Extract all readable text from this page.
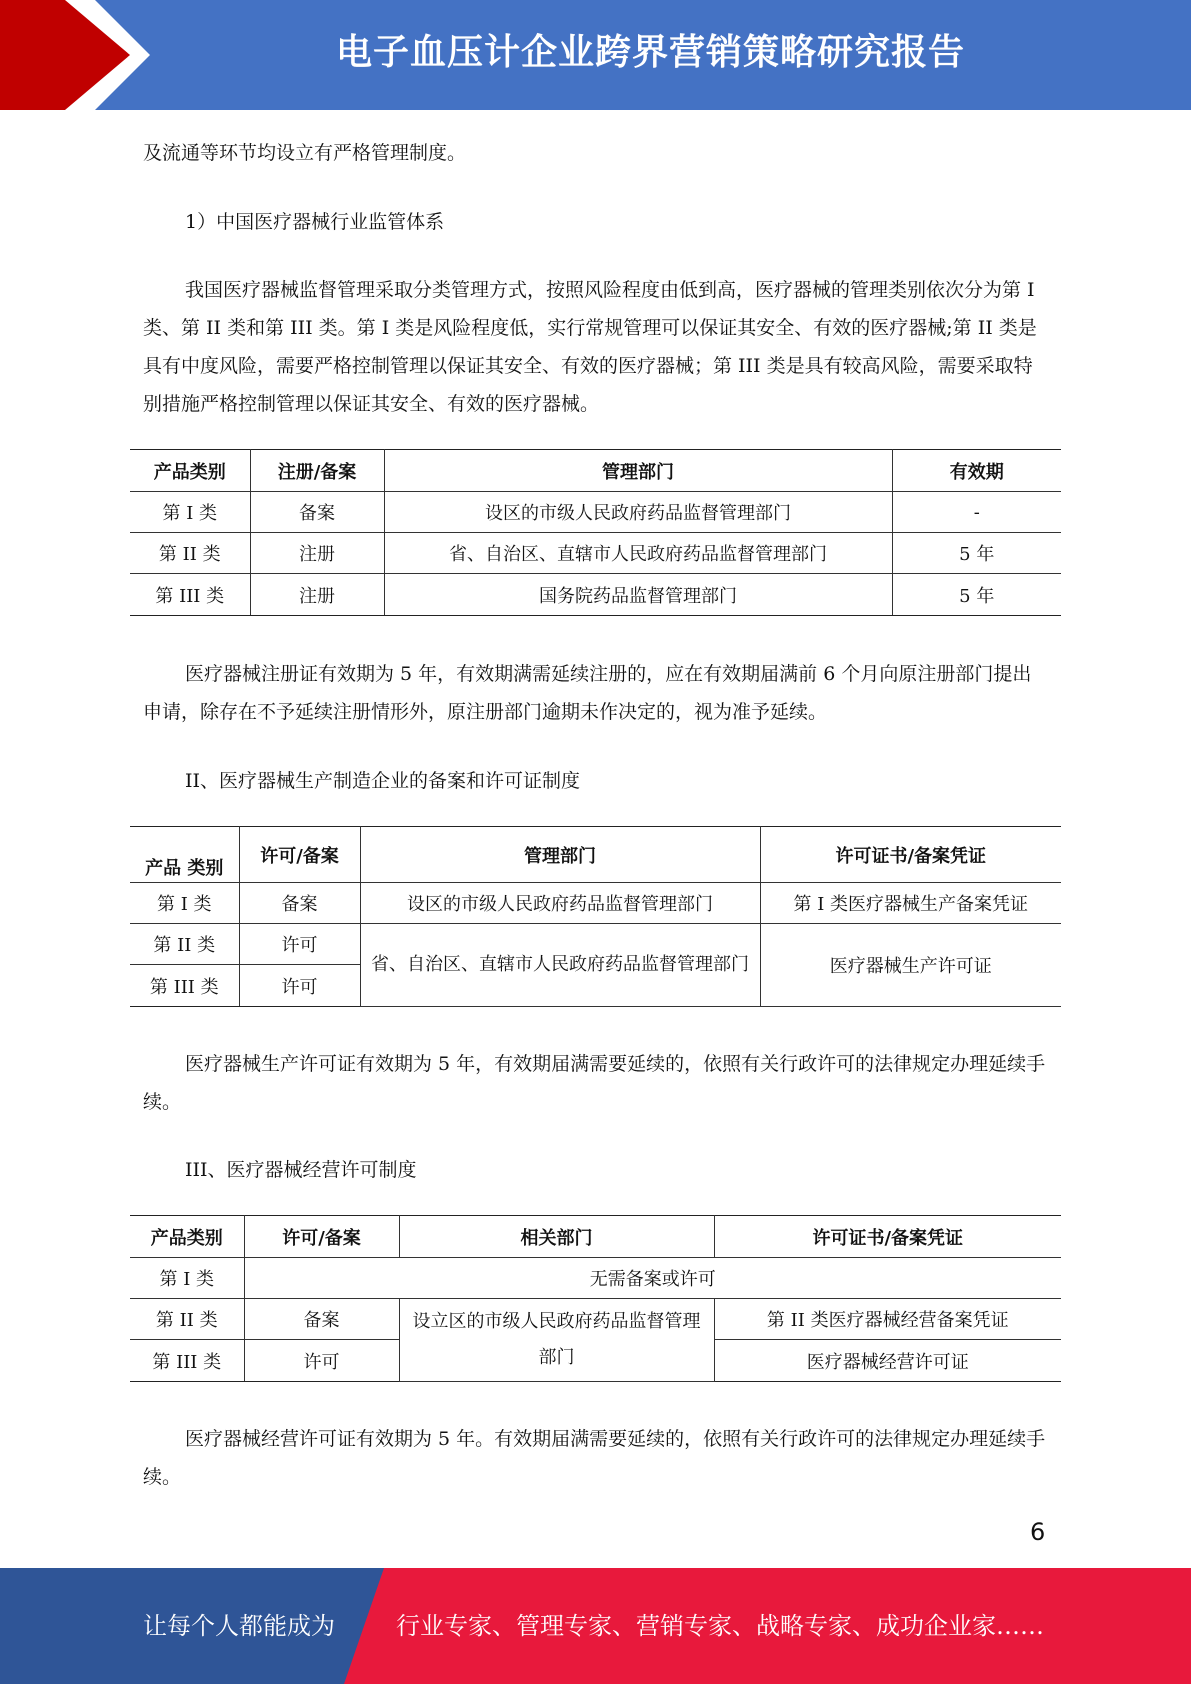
电子血压计企业跨界营销策略研究报告

及流通等环节均设立有严格管理制度。

1）中国医疗器械行业监管体系

我国医疗器械监督管理采取分类管理方式，按照风险程度由低到高，医疗器械的管理类别依次分为第 I 类、第 II 类和第 III 类。第 I 类是风险程度低，实行常规管理可以保证其安全、有效的医疗器械;第 II 类是具有中度风险，需要严格控制管理以保证其安全、有效的医疗器械；第 III 类是具有较高风险，需要采取特别措施严格控制管理以保证其安全、有效的医疗器械。

产品类别	注册/备案	管理部门	有效期
第 I 类	备案	设区的市级人民政府药品监督管理部门	-
第 II 类	注册	省、自治区、直辖市人民政府药品监督管理部门	5 年
第 III 类	注册	国务院药品监督管理部门	5 年

医疗器械注册证有效期为 5 年，有效期满需延续注册的，应在有效期届满前 6 个月向原注册部门提出申请，除存在不予延续注册情形外，原注册部门逾期未作决定的，视为准予延续。

II、医疗器械生产制造企业的备案和许可证制度

产品 类别	许可/备案	管理部门	许可证书/备案凭证
第 I 类	备案	设区的市级人民政府药品监督管理部门	第 I 类医疗器械生产备案凭证
第 II 类	许可	省、自治区、直辖市人民政府药品监督管理部门	医疗器械生产许可证
第 III 类	许可		

医疗器械生产许可证有效期为 5 年，有效期届满需要延续的，依照有关行政许可的法律规定办理延续手续。

III、医疗器械经营许可制度

产品类别	许可/备案	相关部门	许可证书/备案凭证
第 I 类	无需备案或许可		
第 II 类	备案	设立区的市级人民政府药品监督管理部门	第 II 类医疗器械经营备案凭证
第 III 类	许可		医疗器械经营许可证

医疗器械经营许可证有效期为 5 年。有效期届满需要延续的，依照有关行政许可的法律规定办理延续手续。

6
让每个人都能成为	行业专家、管理专家、营销专家、战略专家、成功企业家……
